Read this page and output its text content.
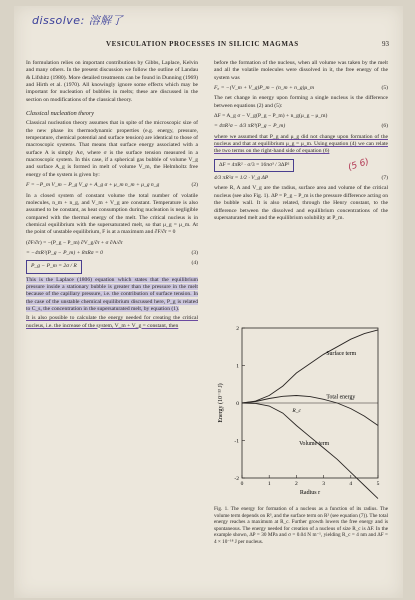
dissolve: 溶解了
VESICULATION PROCESSES IN SILICIC MAGMAS	93

In formulation relies on important contributions by Gibbs, Laplace, Kelvin and many others. In the present discussion we follow the outline of Landau & Lifshitz (1980). More detailed treatments can be found in Dunning (1969) and Hirth et al. (1970). All knowingly ignore some effects which may be important for nucleation of bubbles in melts; these are discussed in the section on modifications of the classical theory.

Classical nucleation theory

Classical nucleation theory assumes that in spite of the microscopic size of the new phase its thermodynamic properties (e.g. energy, pressure, temperature, chemical potential and surface tension) are identical to those of macroscopic systems. That means that surface energy associated with a surface A is simply Aσ, where σ is the surface tension measured in a macroscopic system. In this case, if a spherical gas bubble of volume V_g and surface A_g is formed in melt of volume V_m, the Helmholtz free energy of the system is given by:

F = −P_m V_m − P_g V_g + A_g σ + μ_m n_m + μ_g n_g	(2)

In a closed system of constant volume the total number of volatile molecules, n_m + n_g, and V_m + V_g are constant. Temperature is also assumed to be constant, as heat consumption during nucleation is negligible compared with the thermal energy of the melt. The critical nucleus is in chemical equilibrium with the supersaturated melt, so that μ_g = μ_m. At the point of unstable equilibrium, F is at a maximum and ∂F/∂r = 0

(∂F/∂r) = −(P_g − P_m) ∂V_g/∂r + σ ∂A/∂r
= −4πR²(P_g − P_m) + 8πRσ = 0	(3)
P_g − P_m = 2σ / R	(4)

This is the Laplace (1806) equation which states that the equilibrium pressure inside a stationary bubble is greater than the pressure in the melt because of the capillary pressure, i.e. the contribution of surface tension. In the case of the unstable chemical equilibrium discussed here, P_g is related to C_s, the concentration in the supersaturated melt, by equation (1).

It is also possible to calculate the energy needed for creating the critical nucleus, i.e. the increase of the system, V_m + V_g = constant, then

before the formation of the nucleus, when all volume was taken by the melt and all the volatile molecules were dissolved in it, the free energy of the system was

F₀ = −(V_m + V_g)P_m − (n_m + n_g)μ_m	(5)

The net change in energy upon forming a single nucleus is the difference between equations (2) and (5):

ΔF = A_g σ − V_g(P_g − P_m) + n_g(μ_g − μ_m)
= 4πR²σ − 4/3 πR³(P_g − P_m)	(6)

where we assumed that P_g and μ_g did not change upon formation of the nucleus and that at equilibrium μ_g = μ_m. Using equation (4) we can relate the two terms on the right-hand side of equation (6)

ΔF = 4πR² · σ/3 = 16πσ³ / 3ΔP²
4/3 πR²σ = 1/2 · V_g ΔP	(7)

where R, A and V_g are the radius, surface area and volume of the critical nucleus (see also Fig. 1). ΔP = P_g − P_m is the pressure difference acting on the bubble wall. It is also related, through the Henry constant, to the difference between the dissolved and equilibrium concentrations of the supersaturated melt and the equilibrium solubility at P_m.

(5 6)
-2
-1
0
1
2
0	1	2	3	4	5
Surface term
Total energy
Volume term
Radius r
Energy (10⁻¹³ J)	R_c
Fig. 1. The energy for formation of a nucleus as a function of its radius. The volume term depends on R³, and the surface term on R² (see equation (7)). The total energy reaches a maximum at R_c. Further growth lowers the free energy and is spontaneous. The energy needed for creation of a nucleus of size R_c is ΔF. In the example shown, ΔP = 30 MPa and σ = 0.04 N m⁻¹, yielding R_c = 4 nm and ΔF = 4 × 10⁻¹⁸ J per nucleus.
